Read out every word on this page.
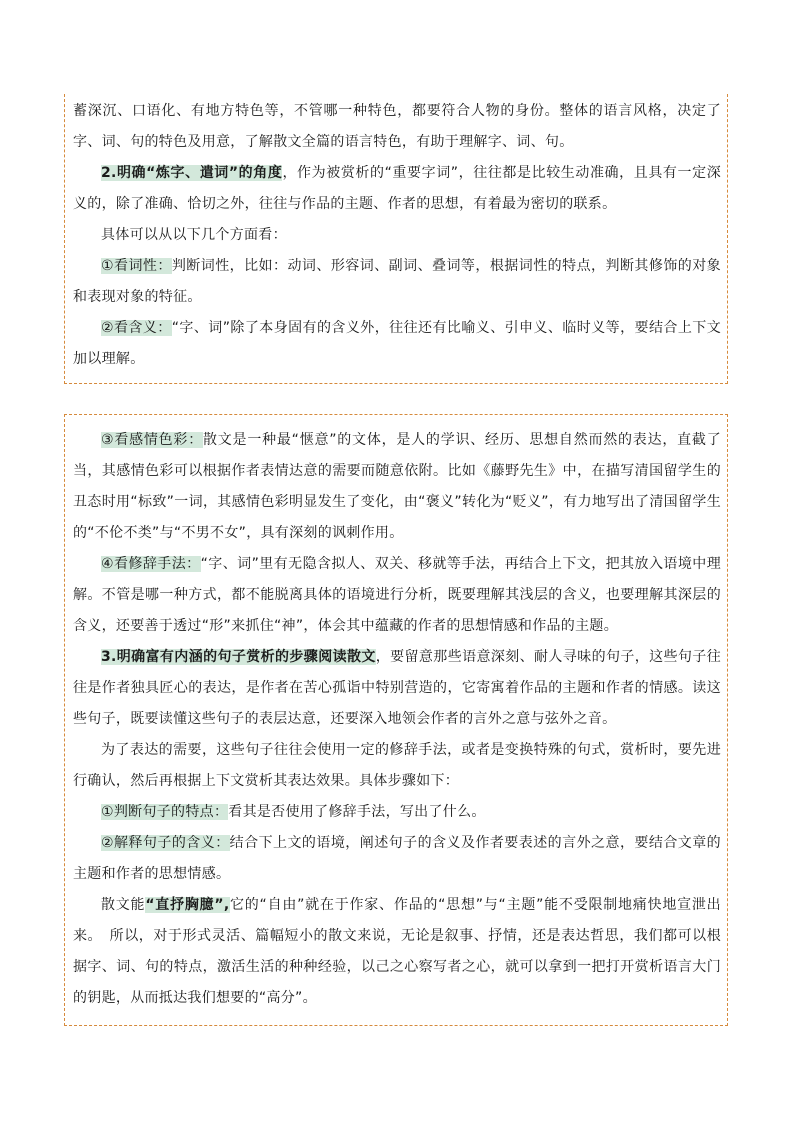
蓄深沉、口语化、有地方特色等，不管哪一种特色，都要符合人物的身份。整体的语言风格，决定了字、词、句的特色及用意，了解散文全篇的语言特色，有助于理解字、词、句。

2.明确“炼字、遣词”的角度，作为被赏析的“重要字词”，往往都是比较生动准确，且具有一定深义的，除了准确、恰切之外，往往与作品的主题、作者的思想，有着最为密切的联系。

具体可以从以下几个方面看：

①看词性：判断词性，比如：动词、形容词、副词、叠词等，根据词性的特点，判断其修饰的对象和表现对象的特征。

②看含义：“字、词”除了本身固有的含义外，往往还有比喻义、引申义、临时义等，要结合上下文加以理解。

③看感情色彩：散文是一种最“惬意”的文体，是人的学识、经历、思想自然而然的表达，直截了当，其感情色彩可以根据作者表情达意的需要而随意依附。比如《藤野先生》中，在描写清国留学生的丑态时用“标致”一词，其感情色彩明显发生了变化，由“褒义”转化为“贬义”，有力地写出了清国留学生的“不伦不类”与“不男不女”，具有深刻的讽刺作用。

④看修辞手法：“字、词”里有无隐含拟人、双关、移就等手法，再结合上下文，把其放入语境中理解。不管是哪一种方式，都不能脱离具体的语境进行分析，既要理解其浅层的含义，也要理解其深层的含义，还要善于透过“形”来抓住“神”，体会其中蕴藏的作者的思想情感和作品的主题。

3.明确富有内涵的句子赏析的步骤阅读散文，要留意那些语意深刻、耐人寻味的句子，这些句子往往是作者独具匠心的表达，是作者在苦心孤诣中特别营造的，它寄寓着作品的主题和作者的情感。读这些句子，既要读懂这些句子的表层达意，还要深入地领会作者的言外之意与弦外之音。

为了表达的需要，这些句子往往会使用一定的修辞手法，或者是变换特殊的句式，赏析时，要先进行确认，然后再根据上下文赏析其表达效果。具体步骤如下：

①判断句子的特点：看其是否使用了修辞手法，写出了什么。

②解释句子的含义：结合下上文的语境，阐述句子的含义及作者要表述的言外之意，要结合文章的主题和作者的思想情感。

散文能“直抒胸臆”,它的“自由”就在于作家、作品的“思想”与“主题”能不受限制地痛快地宣泄出来。　所以，对于形式灵活、篇幅短小的散文来说，无论是叙事、抒情，还是表达哲思，我们都可以根据字、词、句的特点，激活生活的种种经验，以己之心察写者之心，就可以拿到一把打开赏析语言大门的钥匙，从而抵达我们想要的“高分”。
